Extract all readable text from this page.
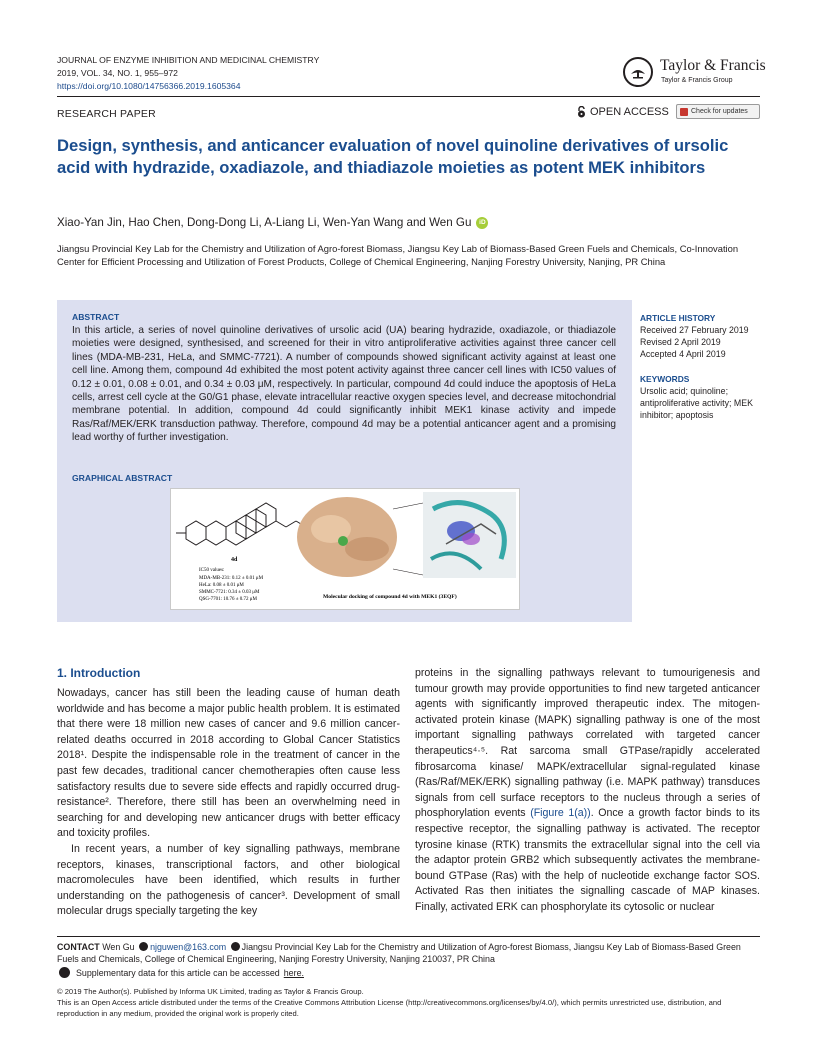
JOURNAL OF ENZYME INHIBITION AND MEDICINAL CHEMISTRY
2019, VOL. 34, NO. 1, 955–972
https://doi.org/10.1080/14756366.2019.1605364
Taylor & Francis
Taylor & Francis Group
RESEARCH PAPER	OPEN ACCESS	Check for updates
Design, synthesis, and anticancer evaluation of novel quinoline derivatives of ursolic acid with hydrazide, oxadiazole, and thiadiazole moieties as potent MEK inhibitors
Xiao-Yan Jin, Hao Chen, Dong-Dong Li, A-Liang Li, Wen-Yan Wang and Wen Gu	iD
Jiangsu Provincial Key Lab for the Chemistry and Utilization of Agro-forest Biomass, Jiangsu Key Lab of Biomass-Based Green Fuels and Chemicals, Co-Innovation Center for Efficient Processing and Utilization of Forest Products, College of Chemical Engineering, Nanjing Forestry University, Nanjing, PR China
ABSTRACT
In this article, a series of novel quinoline derivatives of ursolic acid (UA) bearing hydrazide, oxadiazole, or thiadiazole moieties were designed, synthesised, and screened for their in vitro antiproliferative activities against three cancer cell lines (MDA-MB-231, HeLa, and SMMC-7721). A number of compounds showed significant activity against at least one cell line. Among them, compound 4d exhibited the most potent activity against three cancer cell lines with IC50 values of 0.12 ± 0.01, 0.08 ± 0.01, and 0.34 ± 0.03 μM, respectively. In particular, compound 4d could induce the apoptosis of HeLa cells, arrest cell cycle at the G0/G1 phase, elevate intracellular reactive oxygen species level, and decrease mitochondrial membrane potential. In addition, compound 4d could significantly inhibit MEK1 kinase activity and impede Ras/Raf/MEK/ERK transduction pathway. Therefore, compound 4d may be a potential anticancer agent and a promising lead worthy of further investigation.
GRAPHICAL ABSTRACT
4d
IC50 values:
MDA-MB-231: 0.12 ± 0.01 μM
HeLa: 0.08 ± 0.01 μM
SMMC-7721: 0.34 ± 0.03 μM
QSG-7701: 10.76 ± 0.72 μM	Molecular docking of compound 4d with MEK1 (3EQF)
ARTICLE HISTORY
Received 27 February 2019
Revised 2 April 2019
Accepted 4 April 2019
KEYWORDS
Ursolic acid; quinoline; antiproliferative activity; MEK inhibitor; apoptosis
1. Introduction

Nowadays, cancer has still been the leading cause of human death worldwide and has become a major public health problem. It is estimated that there were 18 million new cases of cancer and 9.6 million cancer-related deaths occurred in 2018 according to Global Cancer Statistics 2018¹. Despite the indispensable role in the treatment of cancer in the past few decades, traditional cancer chemotherapies often cause less satisfactory results due to severe side effects and rapidly occurred drug-resistance². Therefore, there still has been an overwhelming need in searching for and developing new anticancer drugs with better efficacy and toxicity profiles.

In recent years, a number of key signalling pathways, membrane receptors, kinases, transcriptional factors, and other biological macromolecules have been identified, which results in further understanding on the pathogenesis of cancer³. Development of small molecular drugs specially targeting the key

proteins in the signalling pathways relevant to tumourigenesis and tumour growth may provide opportunities to find new targeted anticancer agents with significantly improved therapeutic index. The mitogen-activated protein kinase (MAPK) signalling pathway is one of the most important signalling pathways correlated with targeted cancer therapeutics⁴·⁵. Rat sarcoma small GTPase/rapidly accelerated fibrosarcoma kinase/ MAPK/extracellular signal-regulated kinase (Ras/Raf/MEK/ERK) signalling pathway (i.e. MAPK pathway) transduces signals from cell surface receptors to the nucleus through a series of phosphorylation events (Figure 1(a)). Once a growth factor binds to its respective receptor, the signalling pathway is activated. The receptor tyrosine kinase (RTK) transmits the extracellular signal into the cell via the adaptor protein GRB2 which subsequently activates the membrane-bound GTPase (Ras) with the help of nucleotide exchange factor SOS. Activated Ras then initiates the signalling cascade of MAP kinases. Finally, activated ERK can phosphorylate its cytosolic or nuclear

CONTACT Wen Gu njguwen@163.com Jiangsu Provincial Key Lab for the Chemistry and Utilization of Agro-forest Biomass, Jiangsu Key Lab of Biomass-Based Green Fuels and Chemicals, College of Chemical Engineering, Nanjing Forestry University, Nanjing 210037, PR China
Supplementary data for this article can be accessed here.
© 2019 The Author(s). Published by Informa UK Limited, trading as Taylor & Francis Group.
This is an Open Access article distributed under the terms of the Creative Commons Attribution License (http://creativecommons.org/licenses/by/4.0/), which permits unrestricted use, distribution, and reproduction in any medium, provided the original work is properly cited.
